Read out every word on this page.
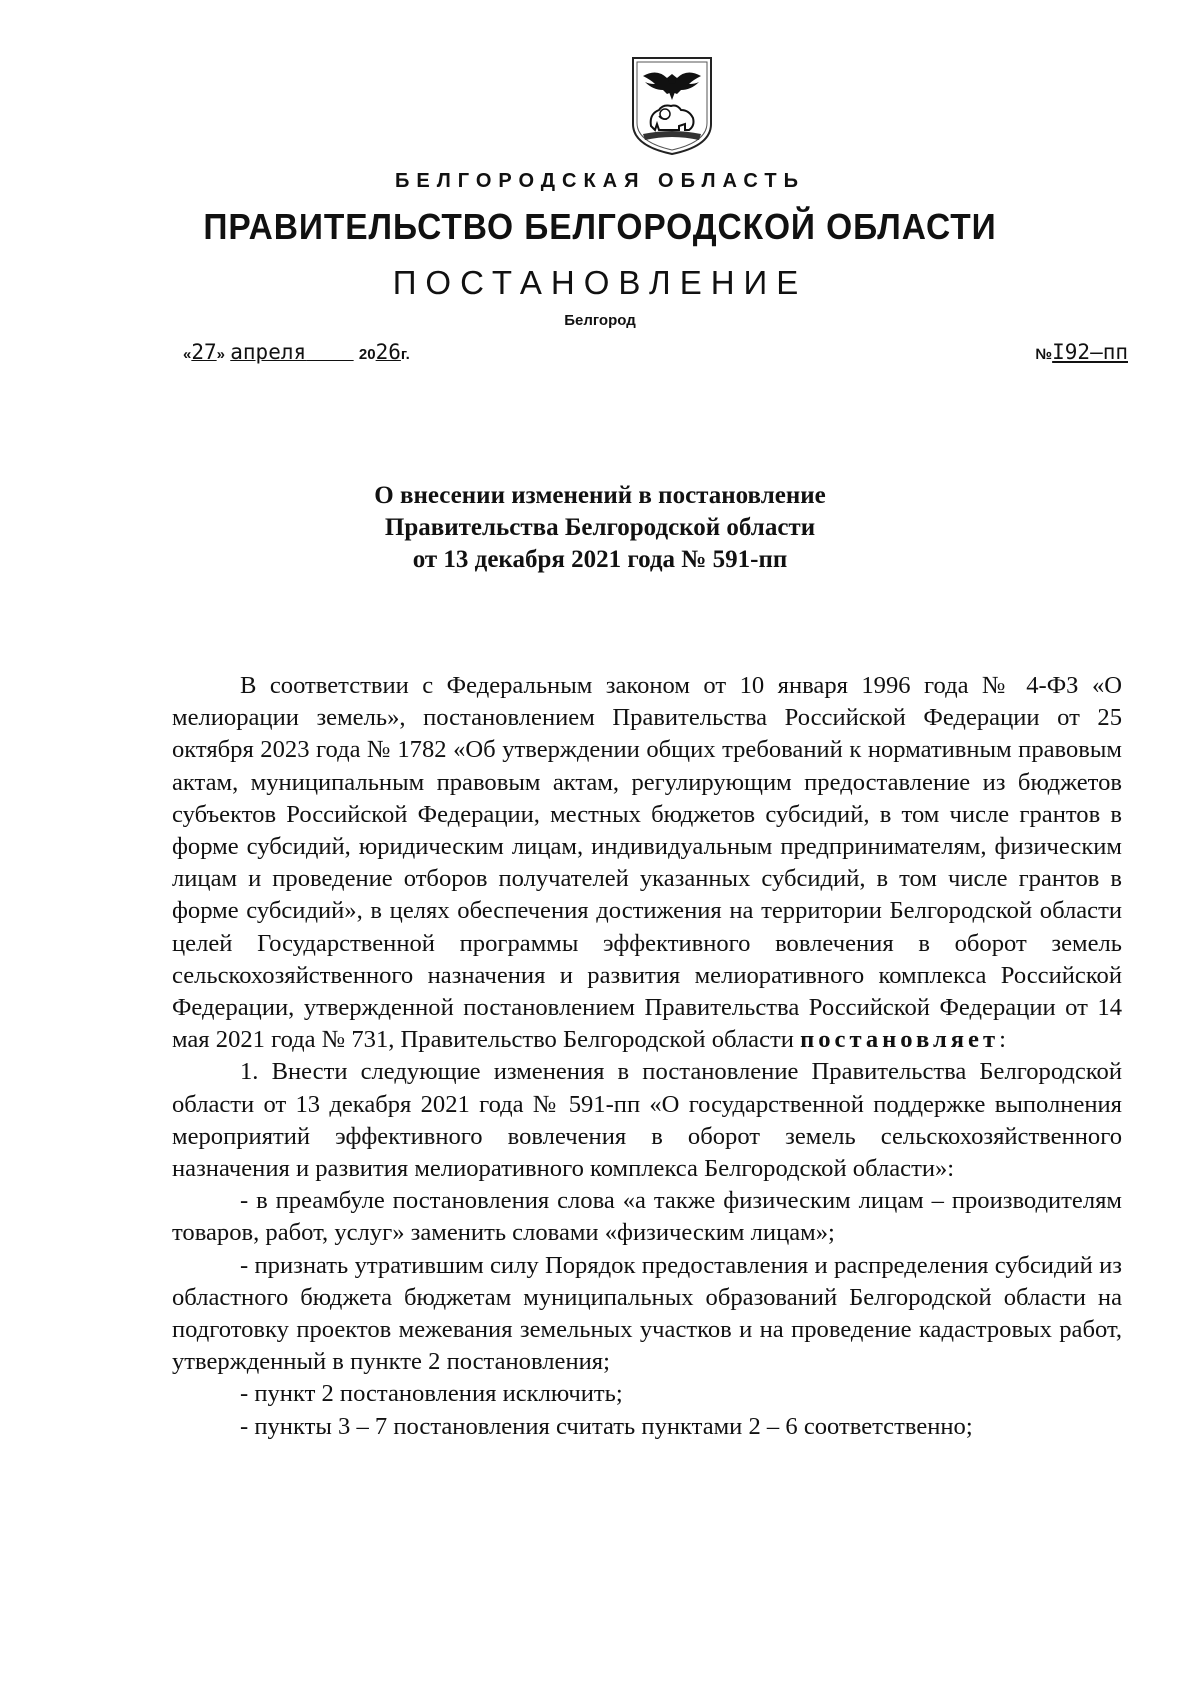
БЕЛГОРОДСКАЯ ОБЛАСТЬ
ПРАВИТЕЛЬСТВО БЕЛГОРОДСКОЙ ОБЛАСТИ
ПОСТАНОВЛЕНИЕ
Белгород
«27» апреля	2026г.	№I92–пп
О внесении изменений в постановление
Правительства Белгородской области
от 13 декабря 2021 года № 591-пп

В соответствии с Федеральным законом от 10 января 1996 года № 4-ФЗ «О мелиорации земель», постановлением Правительства Российской Федерации от 25 октября 2023 года № 1782 «Об утверждении общих требований к нормативным правовым актам, муниципальным правовым актам, регулирующим предоставление из бюджетов субъектов Российской Федерации, местных бюджетов субсидий, в том числе грантов в форме субсидий, юридическим лицам, индивидуальным предпринимателям, физическим лицам и проведение отборов получателей указанных субсидий, в том числе грантов в форме субсидий», в целях обеспечения достижения на территории Белгородской области целей Государственной программы эффективного вовлечения в оборот земель сельскохозяйственного назначения и развития мелиоративного комплекса Российской Федерации, утвержденной постановлением Правительства Российской Федерации от 14 мая 2021 года № 731, Правительство Белгородской области постановляет:

1. Внести следующие изменения в постановление Правительства Белгородской области от 13 декабря 2021 года № 591-пп «О государственной поддержке выполнения мероприятий эффективного вовлечения в оборот земель сельскохозяйственного назначения и развития мелиоративного комплекса Белгородской области»:

- в преамбуле постановления слова «а также физическим лицам – производителям товаров, работ, услуг» заменить словами «физическим лицам»;

- признать утратившим силу Порядок предоставления и распределения субсидий из областного бюджета бюджетам муниципальных образований Белгородской области на подготовку проектов межевания земельных участков и на проведение кадастровых работ, утвержденный в пункте 2 постановления;

- пункт 2 постановления исключить;

- пункты 3 – 7 постановления считать пунктами 2 – 6 соответственно;
